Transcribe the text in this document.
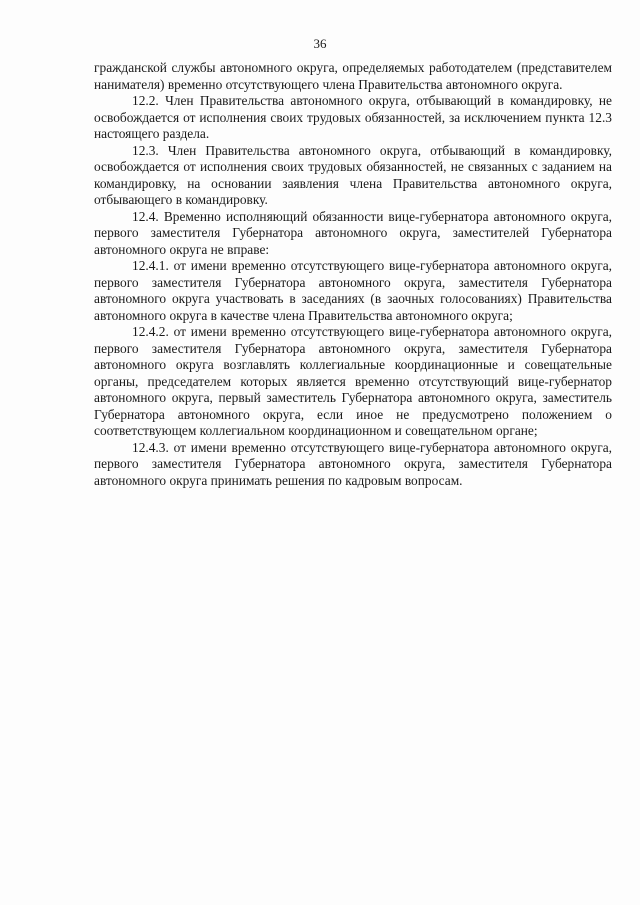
36

гражданской службы автономного округа, определяемых работодателем (представителем нанимателя) временно отсутствующего члена Правительства автономного округа.

12.2. Член Правительства автономного округа, отбывающий в командировку, не освобождается от исполнения своих трудовых обязанностей, за исключением пункта 12.3 настоящего раздела.

12.3. Член Правительства автономного округа, отбывающий в командировку, освобождается от исполнения своих трудовых обязанностей, не связанных с заданием на командировку, на основании заявления члена Правительства автономного округа, отбывающего в командировку.

12.4. Временно исполняющий обязанности вице-губернатора автономного округа, первого заместителя Губернатора автономного округа, заместителей Губернатора автономного округа не вправе:

12.4.1. от имени временно отсутствующего вице-губернатора автономного округа, первого заместителя Губернатора автономного округа, заместителя Губернатора автономного округа участвовать в заседаниях (в заочных голосованиях) Правительства автономного округа в качестве члена Правительства автономного округа;

12.4.2. от имени временно отсутствующего вице-губернатора автономного округа, первого заместителя Губернатора автономного округа, заместителя Губернатора автономного округа возглавлять коллегиальные координационные и совещательные органы, председателем которых является временно отсутствующий вице-губернатор автономного округа, первый заместитель Губернатора автономного округа, заместитель Губернатора автономного округа, если иное не предусмотрено положением о соответствующем коллегиальном координационном и совещательном органе;

12.4.3. от имени временно отсутствующего вице-губернатора автономного округа, первого заместителя Губернатора автономного округа, заместителя Губернатора автономного округа принимать решения по кадровым вопросам.
